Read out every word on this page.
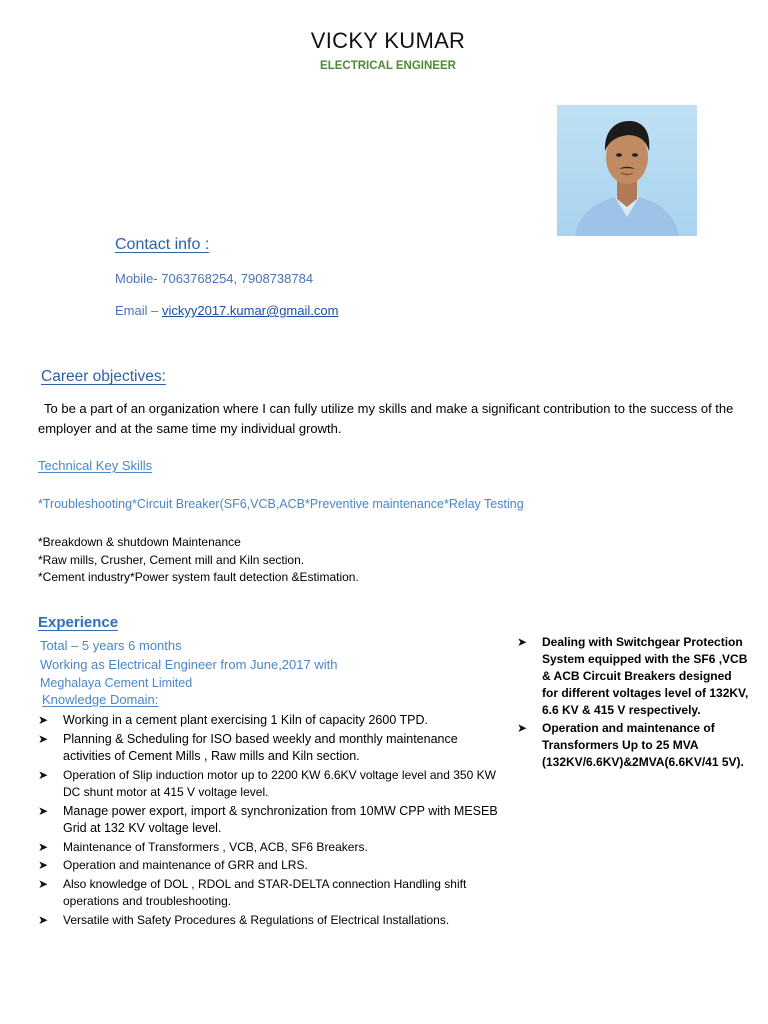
VICKY KUMAR
ELECTRICAL ENGINEER
Contact info :
Mobile- 7063768254, 7908738784
Email – vickyy2017.kumar@gmail.com
Career objectives:
To be a part of an organization where I can fully utilize my skills and make a significant contribution to the success of the employer and at the same time my individual growth.
Technical Key Skills
*Troubleshooting*Circuit Breaker(SF6,VCB,ACB*Preventive maintenance*Relay Testing
*Breakdown & shutdown Maintenance
*Raw mills, Crusher, Cement mill and Kiln section.
*Cement industry*Power system fault detection &Estimation.
Experience
Total – 5 years 6 months
Working as Electrical Engineer from June,2017 with
Meghalaya Cement Limited
Knowledge Domain:
➤ Working in a cement plant exercising 1 Kiln of capacity 2600 TPD.
➤ Planning & Scheduling for ISO based weekly and monthly maintenance activities of Cement Mills , Raw mills and Kiln section.
➤ Operation of Slip induction motor up to 2200 KW 6.6KV voltage level and 350 KW DC shunt motor at 415 V voltage level.
➤ Manage power export, import & synchronization from 10MW CPP with MESEB Grid at 132 KV voltage level.
➤ Maintenance of Transformers , VCB, ACB, SF6 Breakers.
➤ Operation and maintenance of GRR and LRS.
➤ Also knowledge of DOL , RDOL and STAR-DELTA connection Handling shift operations and troubleshooting.
➤ Versatile with Safety Procedures & Regulations of Electrical Installations.
➤ Dealing with Switchgear Protection System equipped with the SF6 ,VCB & ACB Circuit Breakers designed for different voltages level of 132KV, 6.6 KV & 415 V respectively.
➤ Operation and maintenance of Transformers Up to 25 MVA (132KV/6.6KV)&2MVA(6.6KV/41 5V).
